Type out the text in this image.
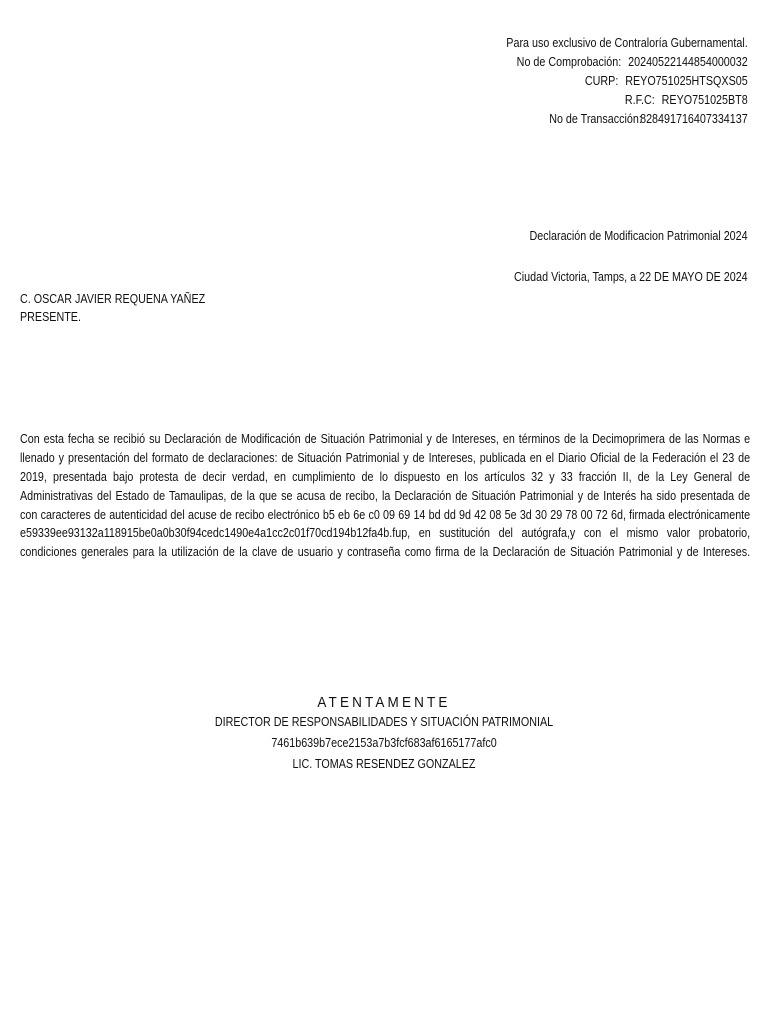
Para uso exclusivo de Contraloría Gubernamental.
No de Comprobación: 20240522144854000032
CURP: REYO751025HTSQXS05
R.F.C: REYO751025BT8
No de Transacción:828491716407334137
Declaración de Modificacion Patrimonial 2024
Ciudad Victoria, Tamps, a 22 DE MAYO DE 2024
C. OSCAR JAVIER REQUENA YAÑEZ
PRESENTE.
Con esta fecha se recibió su Declaración de Modificación de Situación Patrimonial y de Intereses, en términos de la Decimoprimera de las Normas e
llenado y presentación del formato de declaraciones: de Situación Patrimonial y de Intereses, publicada en el Diario Oficial de la Federación el 23 de
2019, presentada bajo protesta de decir verdad, en cumplimiento de lo dispuesto en los artículos 32 y 33 fracción II, de la Ley General de
Administrativas del Estado de Tamaulipas, de la que se acusa de recibo, la Declaración de Situación Patrimonial y de Interés ha sido presentada de
con caracteres de autenticidad del acuse de recibo electrónico b5 eb 6e c0 09 69 14 bd dd 9d 42 08 5e 3d 30 29 78 00 72 6d, firmada electrónicamente
e59339ee93132a118915be0a0b30f94cedc1490e4a1cc2c01f70cd194b12fa4b.fup, en sustitución del autógrafa,y con el mismo valor probatorio,
condiciones generales para la utilización de la clave de usuario y contraseña como firma de la Declaración de Situación Patrimonial y de Intereses.
ATENTAMENTE
DIRECTOR DE RESPONSABILIDADES Y SITUACIÓN PATRIMONIAL
7461b639b7ece2153a7b3fcf683af6165177afc0
LIC. TOMAS RESENDEZ GONZALEZ
